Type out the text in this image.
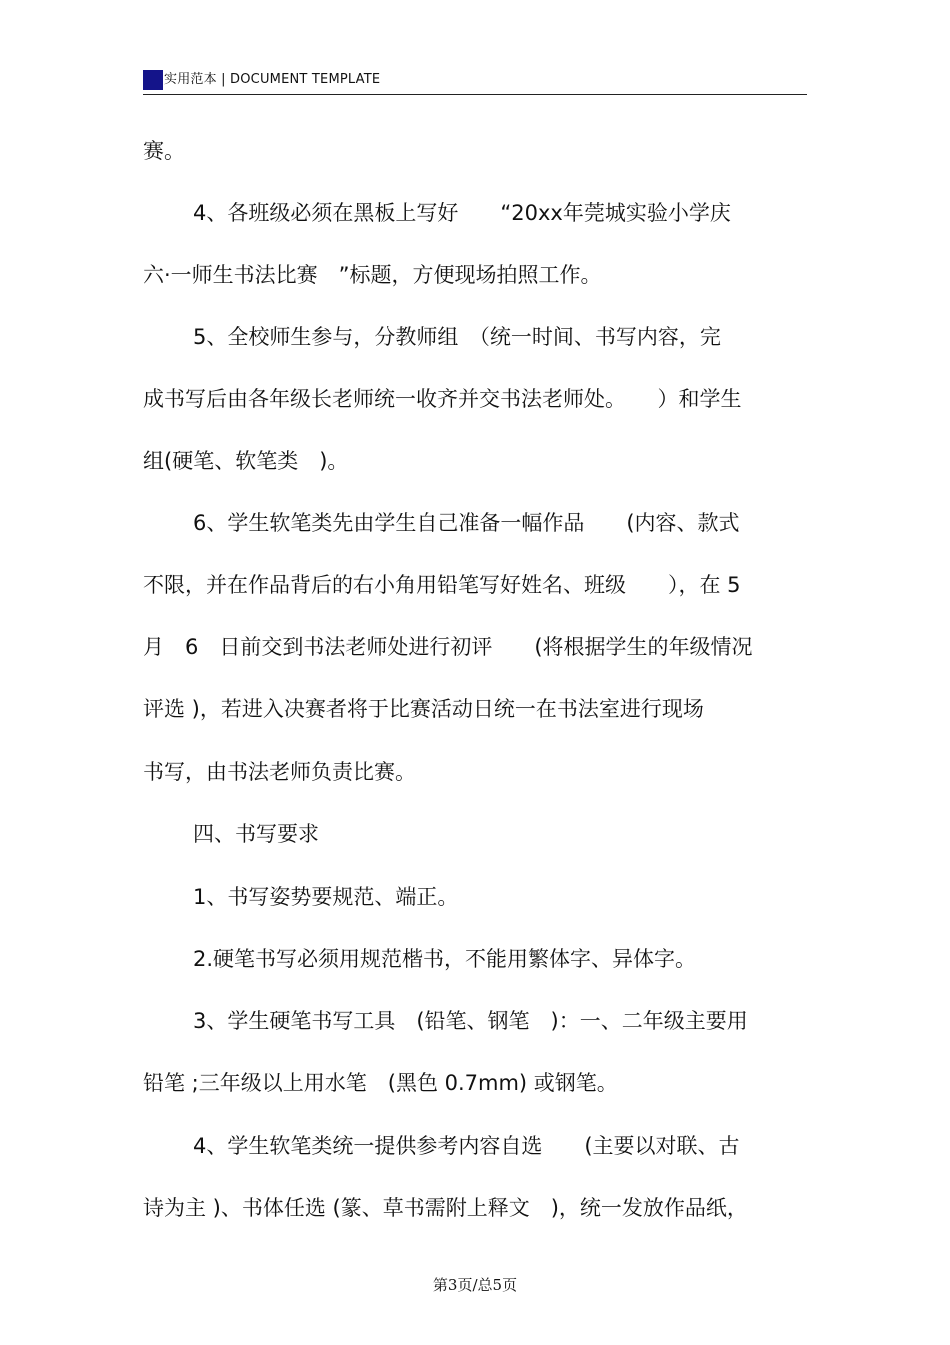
实用范本 | DOCUMENT TEMPLATE
赛。
4、各班级必须在黑板上写好　　“20xx年莞城实验小学庆
六·一师生书法比赛　”标题，方便现场拍照工作。
5、全校师生参与，分教师组　（统一时间、书写内容，完
成书写后由各年级长老师统一收齐并交书法老师处。　　）和学生
组(硬笔、软笔类　)。
6、学生软笔类先由学生自己准备一幅作品　　(内容、款式
不限，并在作品背后的右小角用铅笔写好姓名、班级　　），在 5
月　6　日前交到书法老师处进行初评　　(将根据学生的年级情况
评选 )，若进入决赛者将于比赛活动日统一在书法室进行现场
书写，由书法老师负责比赛。
四、书写要求
1、书写姿势要规范、端正。
2.硬笔书写必须用规范楷书，不能用繁体字、异体字。
3、学生硬笔书写工具　(铅笔、钢笔　)：一、二年级主要用
铅笔 ;三年级以上用水笔　(黑色 0.7mm) 或钢笔。
4、学生软笔类统一提供参考内容自选　　(主要以对联、古
诗为主 )、书体任选 (篆、草书需附上释文　)，统一发放作品纸，
第3页/总5页
